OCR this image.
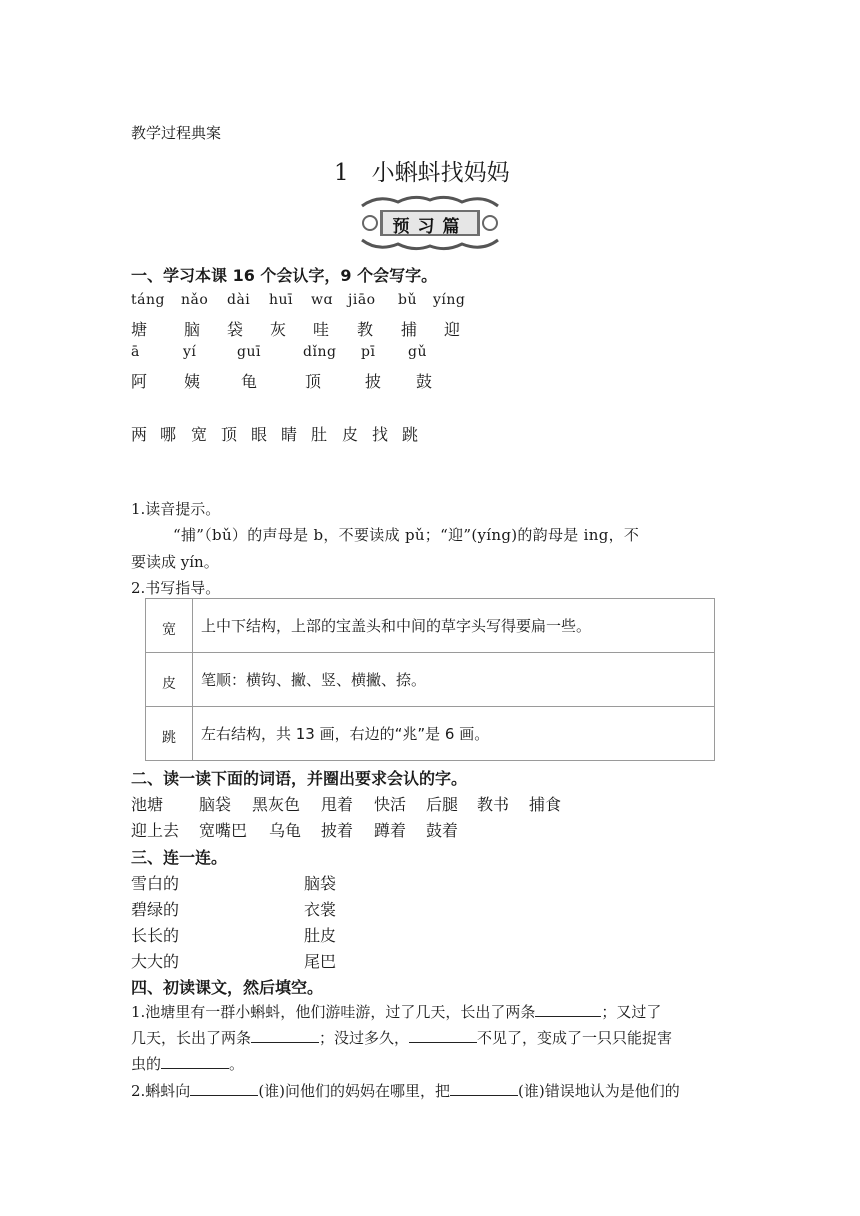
教学过程典案
1　小蝌蚪找妈妈
预习篇
一、学习本课 16 个会认字，9 个会写字。
táng nǎo dài huī wɑ jiāo bǔ yíng
塘 脑 袋 灰 哇 教 捕 迎
ā	yí	guī	dǐng pī gǔ
阿 姨	龟	顶	披 鼓
两 哪 宽 顶 眼 睛 肚 皮 找 跳
1.读音提示。
“捕”（bǔ）的声母是 b，不要读成 pǔ；“迎”(yíng)的韵母是 ing，不
要读成 yín。
2.书写指导。
宽	上中下结构，上部的宝盖头和中间的草字头写得要扁一些。
皮	笔顺：横钩、撇、竖、横撇、捺。
跳	左右结构，共 13 画，右边的“兆”是 6 画。
二、读一读下面的词语，并圈出要求会认的字。
池塘 脑袋 黑灰色 甩着 快活 后腿 教书 捕食
迎上去 宽嘴巴 乌龟 披着 蹲着 鼓着
三、连一连。
雪白的	脑袋
碧绿的	衣裳
长长的	肚皮
大大的	尾巴
四、初读课文，然后填空。
1.池塘里有一群小蝌蚪，他们游哇游，过了几天，长出了两条	；又过了
几天，长出了两条	；没过多久，	不见了，变成了一只只能捉害
虫的	。
2.蝌蚪向	(谁)问他们的妈妈在哪里，把	(谁)错误地认为是他们的
